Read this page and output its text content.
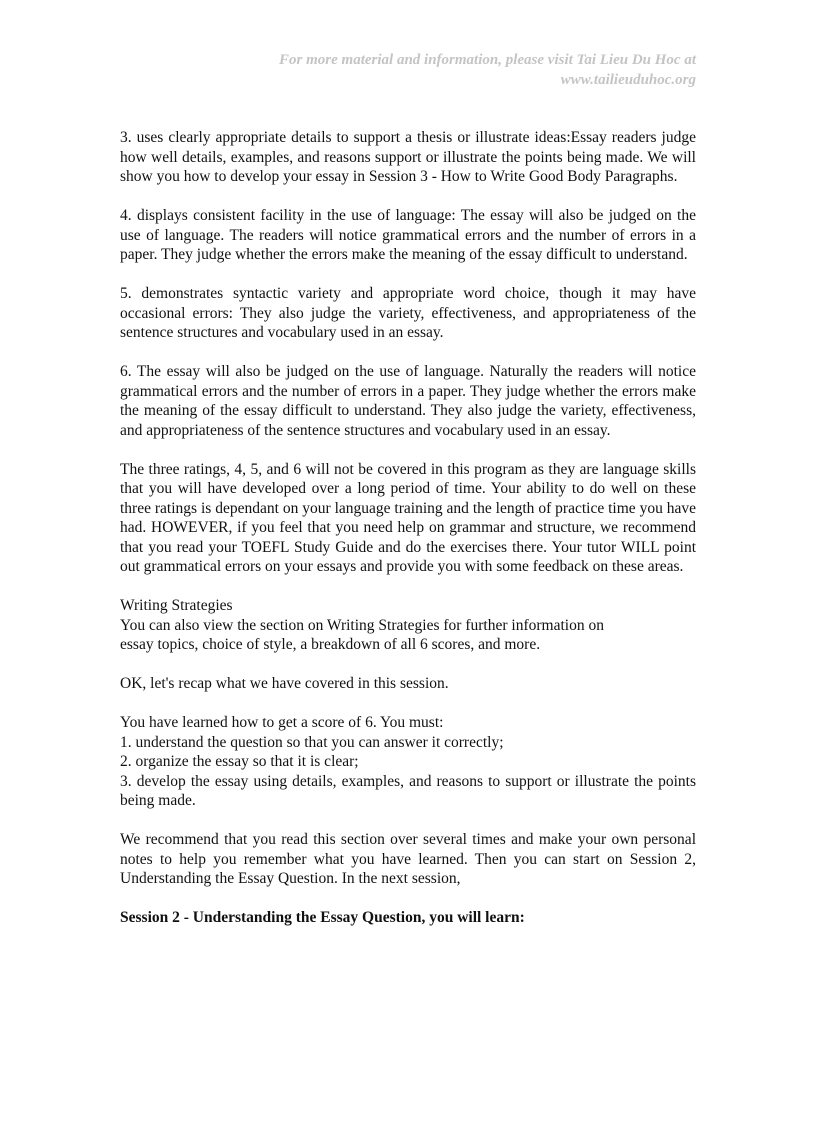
For more material and information, please visit Tai Lieu Du Hoc at
www.tailieuduhoc.org

3. uses clearly appropriate details to support a thesis or illustrate ideas:Essay readers judge how well details, examples, and reasons support or illustrate the points being made. We will show you how to develop your essay in Session 3 - How to Write Good Body Paragraphs.

4. displays consistent facility in the use of language: The essay will also be judged on the use of language. The readers will notice grammatical errors and the number of errors in a paper. They judge whether the errors make the meaning of the essay difficult to understand.

5. demonstrates syntactic variety and appropriate word choice, though it may have occasional errors: They also judge the variety, effectiveness, and appropriateness of the sentence structures and vocabulary used in an essay.

6. The essay will also be judged on the use of language. Naturally the readers will notice grammatical errors and the number of errors in a paper. They judge whether the errors make the meaning of the essay difficult to understand. They also judge the variety, effectiveness, and appropriateness of the sentence structures and vocabulary used in an essay.

The three ratings, 4, 5, and 6 will not be covered in this program as they are language skills that you will have developed over a long period of time. Your ability to do well on these three ratings is dependant on your language training and the length of practice time you have had. HOWEVER, if you feel that you need help on grammar and structure, we recommend that you read your TOEFL Study Guide and do the exercises there. Your tutor WILL point out grammatical errors on your essays and provide you with some feedback on these areas.

Writing Strategies
You can also view the section on Writing Strategies for further information on
essay topics, choice of style, a breakdown of all 6 scores, and more.

OK, let's recap what we have covered in this session.

You have learned how to get a score of 6. You must:
1. understand the question so that you can answer it correctly;
2. organize the essay so that it is clear;
3. develop the essay using details, examples, and reasons to support or illustrate the points being made.

We recommend that you read this section over several times and make your own personal notes to help you remember what you have learned. Then you can start on Session 2, Understanding the Essay Question. In the next session,

Session 2 - Understanding the Essay Question, you will learn:
